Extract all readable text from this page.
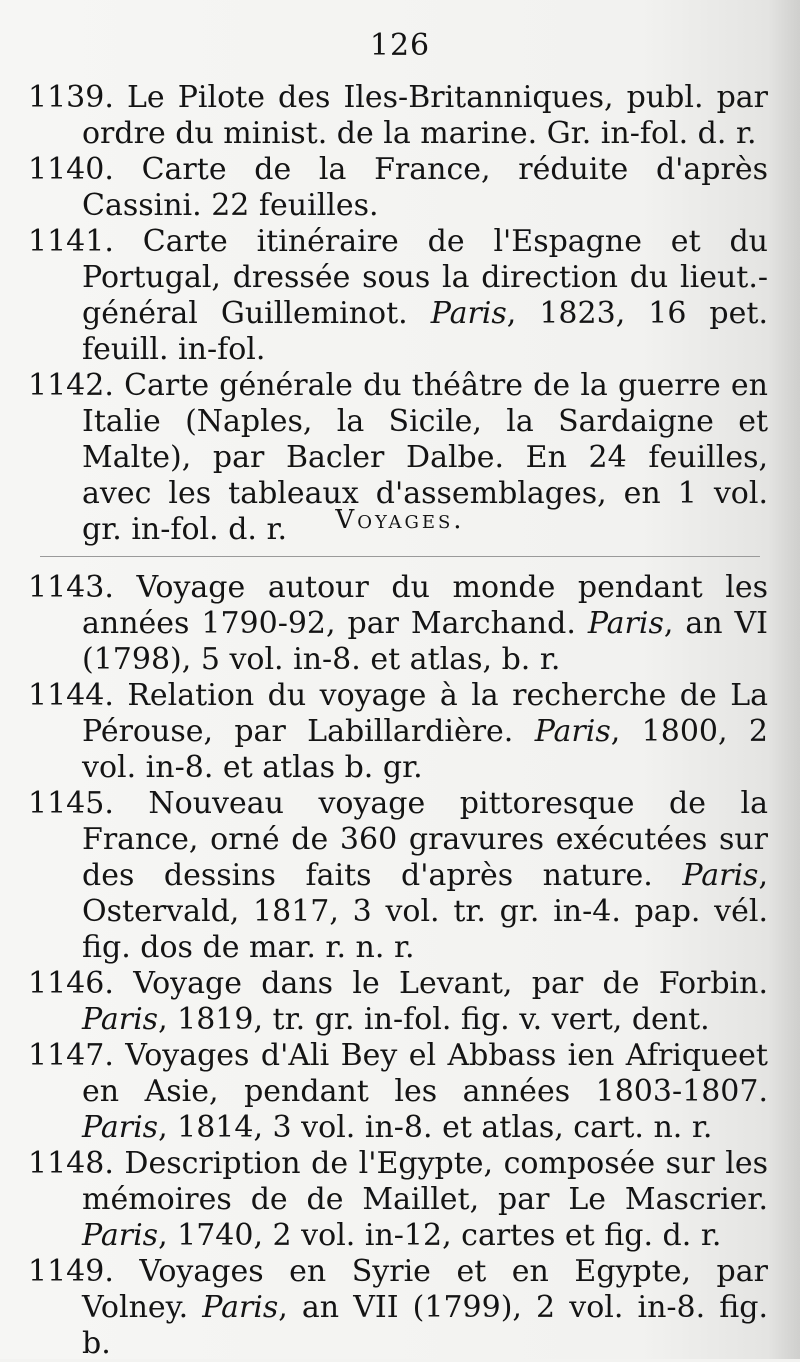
126
1139. Le Pilote des Iles-Britanniques, publ. par ordre du minist. de la marine. Gr. in-fol. d. r.
1140. Carte de la France, réduite d'après Cassini. 22 feuilles.
1141. Carte itinéraire de l'Espagne et du Portugal, dressée sous la direction du lieut.-général Guilleminot. Paris, 1823, 16 pet. feuill. in-fol.
1142. Carte générale du théâtre de la guerre en Italie (Naples, la Sicile, la Sardaigne et Malte), par Bacler Dalbe. En 24 feuilles, avec les tableaux d'assemblages, en 1 vol. gr. in-fol. d. r.	Voyages.
1143. Voyage autour du monde pendant les années 1790-92, par Marchand. Paris, an VI (1798), 5 vol. in-8. et atlas, b. r.
1144. Relation du voyage à la recherche de La Pérouse, par Labillardière. Paris, 1800, 2 vol. in-8. et atlas b. gr.
1145. Nouveau voyage pittoresque de la France, orné de 360 gravures exécutées sur des dessins faits d'après nature. Paris, Ostervald, 1817, 3 vol. tr. gr. in-4. pap. vél. fig. dos de mar. r. n. r.
1146. Voyage dans le Levant, par de Forbin. Paris, 1819, tr. gr. in-fol. fig. v. vert, dent.
1147. Voyages d'Ali Bey el Abbass ien Afriqueet en Asie, pendant les années 1803-1807. Paris, 1814, 3 vol. in-8. et atlas, cart. n. r.
1148. Description de l'Egypte, composée sur les mémoires de de Maillet, par Le Mascrier. Paris, 1740, 2 vol. in-12, cartes et fig. d. r.
1149. Voyages en Syrie et en Egypte, par Volney. Paris, an VII (1799), 2 vol. in-8. fig. b.
